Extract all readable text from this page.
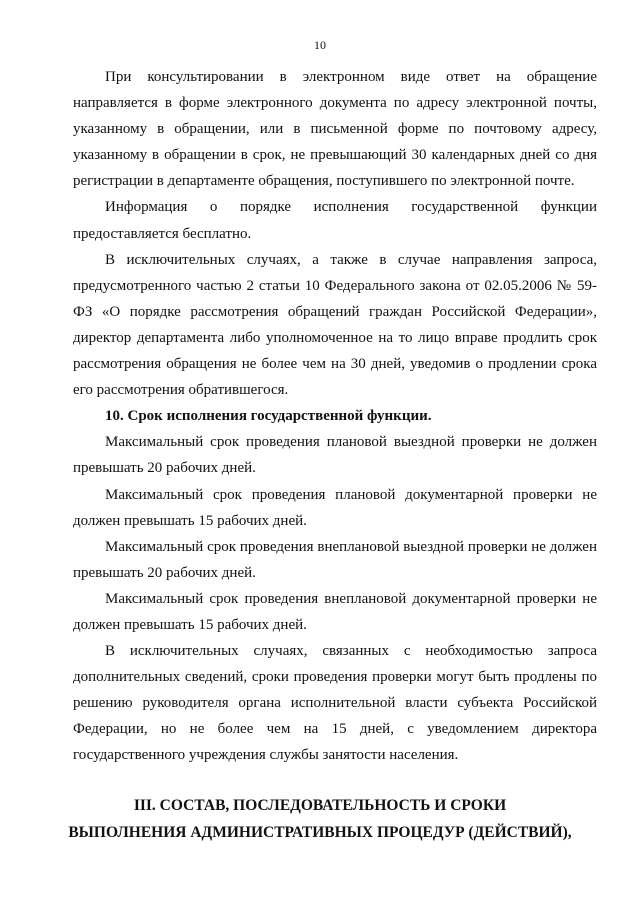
10

При консультировании в электронном виде ответ на обращение направляется в форме электронного документа по адресу электронной почты, указанному в обращении, или в письменной форме по почтовому адресу, указанному в обращении в срок, не превышающий 30 календарных дней со дня регистрации в департаменте обращения, поступившего по электронной почте.

Информация о порядке исполнения государственной функции предоставляется бесплатно.

В исключительных случаях, а также в случае направления запроса, предусмотренного частью 2 статьи 10 Федерального закона от 02.05.2006 № 59-ФЗ «О порядке рассмотрения обращений граждан Российской Федерации», директор департамента либо уполномоченное на то лицо вправе продлить срок рассмотрения обращения не более чем на 30 дней, уведомив о продлении срока его рассмотрения обратившегося.

10. Срок исполнения государственной функции.

Максимальный срок проведения плановой выездной проверки не должен превышать 20 рабочих дней.

Максимальный срок проведения плановой документарной проверки не должен превышать 15 рабочих дней.

Максимальный срок проведения внеплановой выездной проверки не должен превышать 20 рабочих дней.

Максимальный срок проведения внеплановой документарной проверки не должен превышать 15 рабочих дней.

В исключительных случаях, связанных с необходимостью запроса дополнительных сведений, сроки проведения проверки могут быть продлены по решению руководителя органа исполнительной власти субъекта Российской Федерации, но не более чем на 15 дней, с уведомлением директора государственного учреждения службы занятости населения.

III. СОСТАВ, ПОСЛЕДОВАТЕЛЬНОСТЬ И СРОКИ
ВЫПОЛНЕНИЯ АДМИНИСТРАТИВНЫХ ПРОЦЕДУР (ДЕЙСТВИЙ),
